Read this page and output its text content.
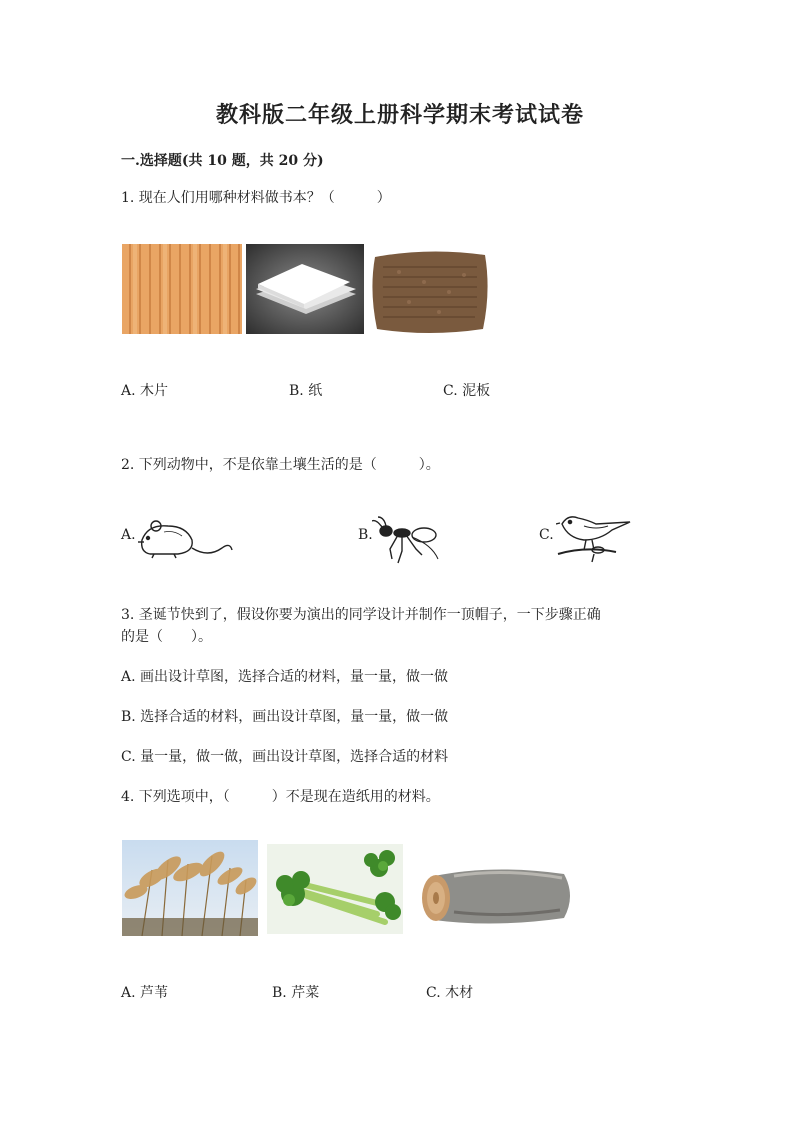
教科版二年级上册科学期末考试试卷
一.选择题(共 10 题，共 20 分)
1. 现在人们用哪种材料做书本？（　　　）
A. 木片	B. 纸	C. 泥板
2. 下列动物中，不是依靠土壤生活的是（　　　）。
A.	B.	C.
3. 圣诞节快到了，假设你要为演出的同学设计并制作一顶帽子，一下步骤正确
的是（　　）。
A. 画出设计草图，选择合适的材料，量一量，做一做
B. 选择合适的材料，画出设计草图，量一量，做一做
C. 量一量，做一做，画出设计草图，选择合适的材料
4. 下列选项中，（　　　）不是现在造纸用的材料。
A. 芦苇	B. 芹菜	C. 木材
